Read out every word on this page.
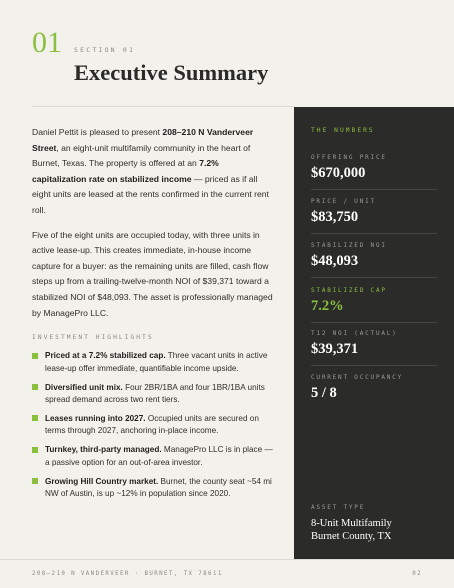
01 SECTION 01
Executive Summary

Daniel Pettit is pleased to present 208–210 N Vanderveer Street, an eight-unit multifamily community in the heart of Burnet, Texas. The property is offered at an 7.2% capitalization rate on stabilized income — priced as if all eight units are leased at the rents confirmed in the current rent roll.

Five of the eight units are occupied today, with three units in active lease-up. This creates immediate, in-house income capture for a buyer: as the remaining units are filled, cash flow steps up from a trailing-twelve-month NOI of $39,371 toward a stabilized NOI of $48,093. The asset is professionally managed by ManagePro LLC.

INVESTMENT HIGHLIGHTS
Priced at a 7.2% stabilized cap. Three vacant units in active lease-up offer immediate, quantifiable income upside.
Diversified unit mix. Four 2BR/1BA and four 1BR/1BA units spread demand across two rent tiers.
Leases running into 2027. Occupied units are secured on terms through 2027, anchoring in-place income.
Turnkey, third-party managed. ManagePro LLC is in place — a passive option for an out-of-area investor.
Growing Hill Country market. Burnet, the county seat ~54 mi NW of Austin, is up ~12% in population since 2020.
THE NUMBERS
OFFERING PRICE
$670,000
PRICE / UNIT
$83,750
STABILIZED NOI
$48,093
STABILIZED CAP
7.2%
T12 NOI (ACTUAL)
$39,371
CURRENT OCCUPANCY
5 / 8
ASSET TYPE
8-Unit Multifamily
Burnet County, TX
208–210 N VANDERVEER · BURNET, TX 78611	02
